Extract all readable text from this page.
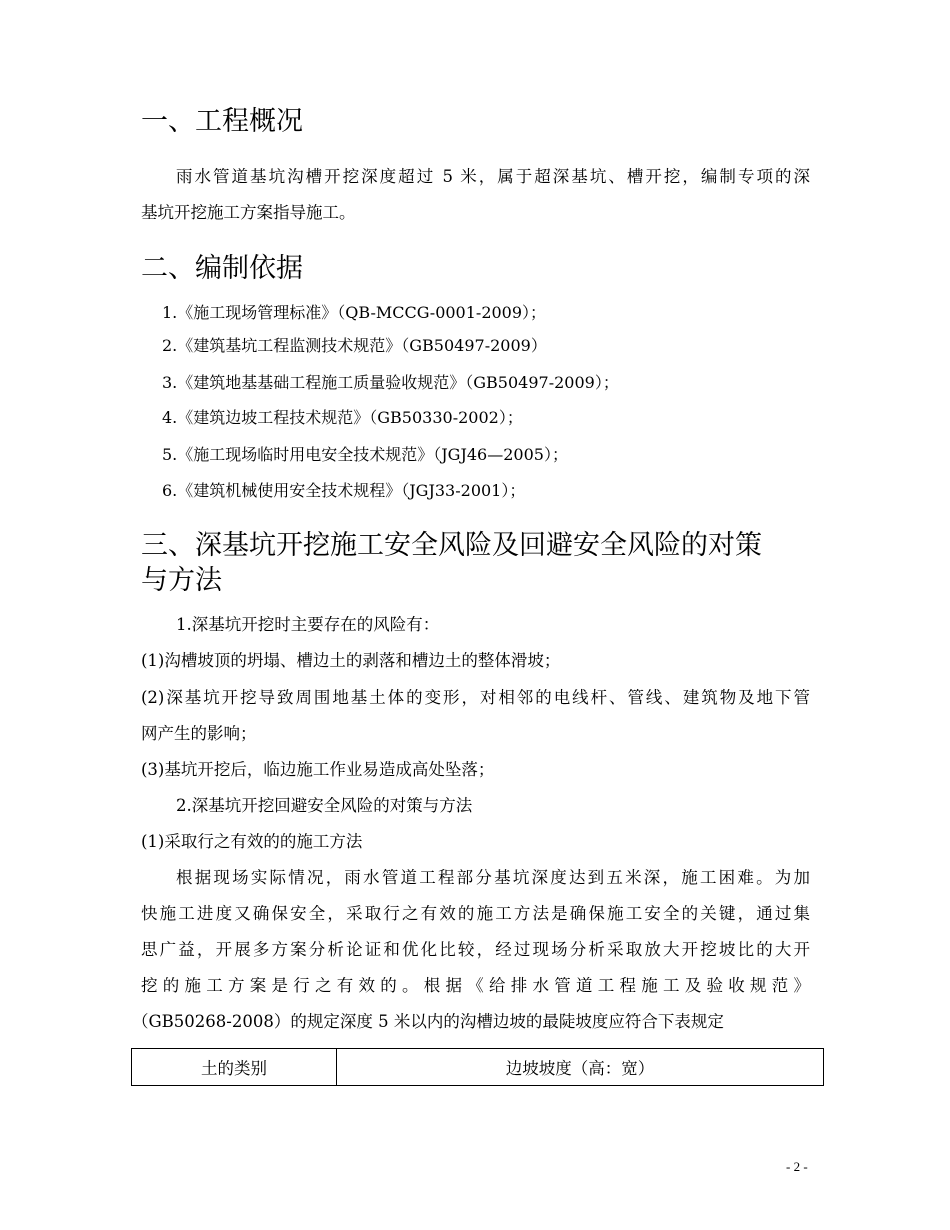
一、工程概况
雨水管道基坑沟槽开挖深度超过 5 米，属于超深基坑、槽开挖，编制专项的深
基坑开挖施工方案指导施工。
二、编制依据
1.《施工现场管理标准》（QB-MCCG-0001-2009）；
2.《建筑基坑工程监测技术规范》（GB50497-2009）
3.《建筑地基基础工程施工质量验收规范》（GB50497-2009）；
4.《建筑边坡工程技术规范》（GB50330-2002）；
5.《施工现场临时用电安全技术规范》（JGJ46—2005）；
6.《建筑机械使用安全技术规程》（JGJ33-2001）；
三、深基坑开挖施工安全风险及回避安全风险的对策
与方法
1.深基坑开挖时主要存在的风险有：
(1)沟槽坡顶的坍塌、槽边土的剥落和槽边土的整体滑坡；
(2)深基坑开挖导致周围地基土体的变形，对相邻的电线杆、管线、建筑物及地下管
网产生的影响；
(3)基坑开挖后，临边施工作业易造成高处坠落；
2.深基坑开挖回避安全风险的对策与方法
(1)采取行之有效的的施工方法
根据现场实际情况，雨水管道工程部分基坑深度达到五米深，施工困难。为加
快施工进度又确保安全，采取行之有效的施工方法是确保施工安全的关键，通过集
思广益，开展多方案分析论证和优化比较，经过现场分析采取放大开挖坡比的大开
挖的施工方案是行之有效的。根据《给排水管道工程施工及验收规范》
（GB50268-2008）的规定深度 5 米以内的沟槽边坡的最陡坡度应符合下表规定
土的类别	边坡坡度（高：宽）
- 2 -
